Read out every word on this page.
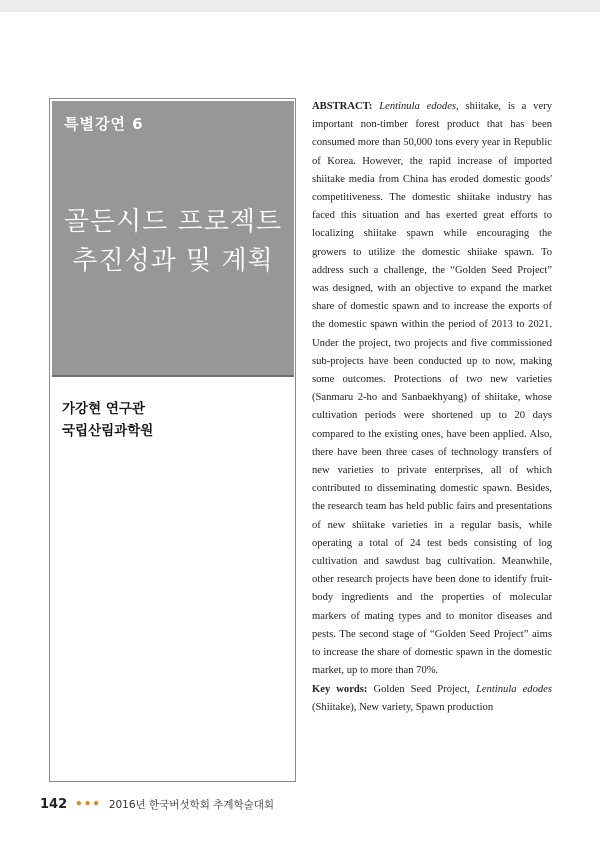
특별강연 6
골든시드 프로젝트
추진성과 및 계획
가강현 연구관
국립산림과학원

ABSTRACT: Lentinula edodes, shiitake, is a very important non-timber forest product that has been consumed more than 50,000 tons every year in Republic of Korea. However, the rapid increase of imported shiitake media from China has eroded domestic goods' competitiveness. The domestic shiitake industry has faced this situation and has exerted great efforts to localizing shiitake spawn while encouraging the growers to utilize the domestic shiiake spawn. To address such a challenge, the “Golden Seed Project” was designed, with an objective to expand the market share of domestic spawn and to increase the exports of the domestic spawn within the period of 2013 to 2021. Under the project, two projects and five commissioned sub-projects have been conducted up to now, making some outcomes. Protections of two new varieties (Sanmaru 2-ho and Sanbaekhyang) of shiitake, whose cultivation periods were shortened up to 20 days compared to the existing ones, have been applied. Also, there have been three cases of technology transfers of new varieties to private enterprises, all of which contributed to disseminating domestic spawn. Besides, the research team has held public fairs and presentations of new shiitake varieties in a regular basis, while operating a total of 24 test beds consisting of log cultivation and sawdust bag cultivation. Meanwhile, other research projects have been done to identify fruit-body ingredients and the properties of molecular markers of mating types and to monitor diseases and pests. The second stage of “Golden Seed Project” aims to increase the share of domestic spawn in the domestic market, up to more than 70%.

Key words: Golden Seed Project, Lentinula edodes (Shiitake), New variety, Spawn production

142 ••• 2016년 한국버섯학회 추계학술대회
